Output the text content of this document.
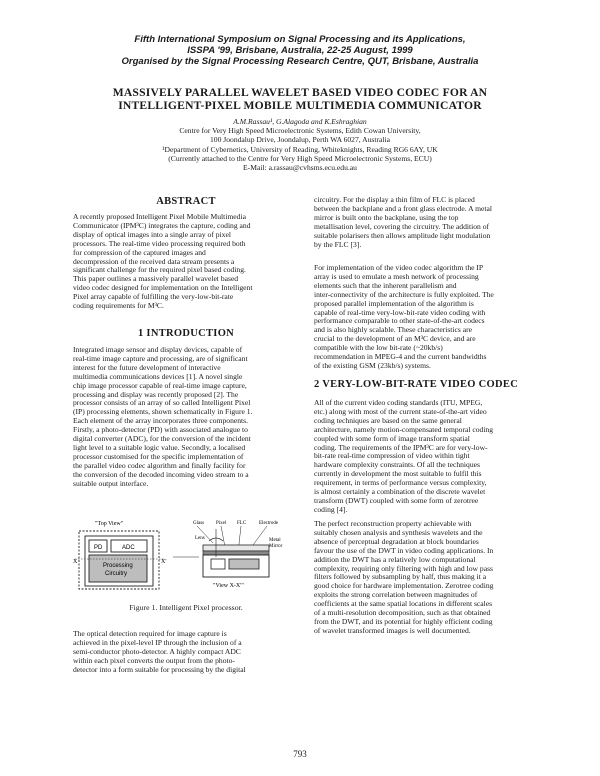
Fifth International Symposium on Signal Processing and its Applications,
ISSPA '99, Brisbane, Australia, 22-25 August, 1999
Organised by the Signal Processing Research Centre, QUT, Brisbane, Australia
MASSIVELY PARALLEL WAVELET BASED VIDEO CODEC FOR AN
INTELLIGENT-PIXEL MOBILE MULTIMEDIA COMMUNICATOR
A.M.Rassau¹, G.Alagoda and K.Eshraghian
Centre for Very High Speed Microelectronic Systems, Edith Cowan University,
100 Joondalup Drive, Joondalup, Perth WA 6027, Australia
¹Department of Cybernetics, University of Reading, Whiteknights, Reading RG6 6AY, UK
(Currently attached to the Centre for Very High Speed Microelectronic Systems, ECU)
E-Mail: a.rassau@cvhsms.ecu.edu.au
ABSTRACT

A recently proposed Intelligent Pixel Mobile Multimedia

Communicator (IPM³C) integrates the capture, coding and

display of optical images into a single array of pixel

processors. The real-time video processing required both

for compression of the captured images and

decompression of the received data stream presents a

significant challenge for the required pixel based coding.

This paper outlines a massively parallel wavelet based

video codec designed for implementation on the Intelligent

Pixel array capable of fulfilling the very-low-bit-rate

coding requirements for M³C.

1 INTRODUCTION

Integrated image sensor and display devices, capable of

real-time image capture and processing, are of significant

interest for the future development of interactive

multimedia communications devices [1]. A novel single

chip image processor capable of real-time image capture,

processing and display was recently proposed [2]. The

processor consists of an array of so called Intelligent Pixel

(IP) processing elements, shown schematically in Figure 1.

Each element of the array incorporates three components.

Firstly, a photo-detector (PD) with associated analogue to

digital converter (ADC), for the conversion of the incident

light level to a suitable logic value. Secondly, a localised

processor customised for the specific implementation of

the parallel video codec algorithm and finally facility for

the conversion of the decoded incoming video stream to a

suitable output interface.

"Top View"
PD	ADC
Processing
Circuitry
X	X'
Glass Pixel FLC	Electrode
Lens	Metal
Mirror
"View X-X'"
Figure 1. Intelligent Pixel processor.

The optical detection required for image capture is

achieved in the pixel-level IP through the inclusion of a

semi-conductor photo-detector. A highly compact ADC

within each pixel converts the output from the photo-

detector into a form suitable for processing by the digital

circuitry. For the display a thin film of FLC is placed

between the backplane and a front glass electrode. A metal

mirror is built onto the backplane, using the top

metallisation level, covering the circuitry. The addition of

suitable polarisers then allows amplitude light modulation

by the FLC [3].

For implementation of the video codec algorithm the IP

array is used to emulate a mesh network of processing

elements such that the inherent parallelism and

inter-connectivity of the architecture is fully exploited. The

proposed parallel implementation of the algorithm is

capable of real-time very-low-bit-rate video coding with

performance comparable to other state-of-the-art codecs

and is also highly scalable. These characteristics are

crucial to the development of an M³C device, and are

compatible with the low bit-rate (~20kb/s)

recommendation in MPEG-4 and the current bandwidths

of the existing GSM (23kb/s) systems.

2 VERY-LOW-BIT-RATE VIDEO CODEC

All of the current video coding standards (ITU, MPEG,

etc.) along with most of the current state-of-the-art video

coding techniques are based on the same general

architecture, namely motion-compensated temporal coding

coupled with some form of image transform spatial

coding. The requirements of the IPM³C are for very-low-

bit-rate real-time compression of video within tight

hardware complexity constraints. Of all the techniques

currently in development the most suitable to fulfil this

requirement, in terms of performance versus complexity,

is almost certainly a combination of the discrete wavelet

transform (DWT) coupled with some form of zerotree

coding [4].

The perfect reconstruction property achievable with

suitably chosen analysis and synthesis wavelets and the

absence of perceptual degradation at block boundaries

favour the use of the DWT in video coding applications. In

addition the DWT has a relatively low computational

complexity, requiring only filtering with high and low pass

filters followed by subsampling by half, thus making it a

good choice for hardware implementation. Zerotree coding

exploits the strong correlation between magnitudes of

coefficients at the same spatial locations in different scales

of a multi-resolution decomposition, such as that obtained

from the DWT, and its potential for highly efficient coding

of wavelet transformed images is well documented.

793
